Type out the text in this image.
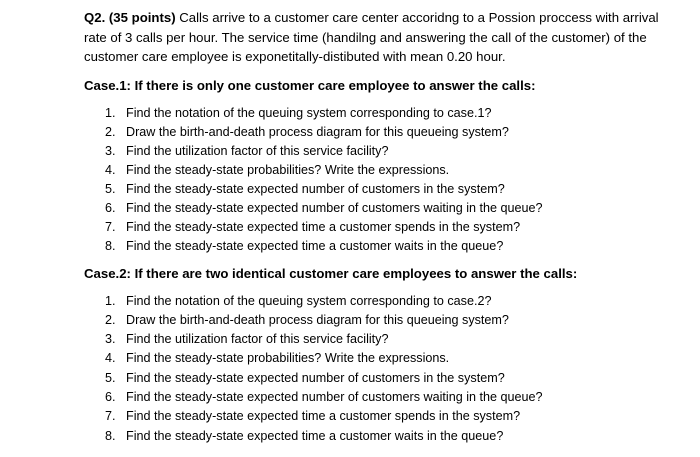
Q2. (35 points) Calls arrive to a customer care center accoridng to a Possion proccess with arrival rate of 3 calls per hour. The service time (handilng and answering the call of the customer) of the customer care employee is exponetitally-distibuted with mean 0.20 hour.

Case.1: If there is only one customer care employee to answer the calls:
1. Find the notation of the queuing system corresponding to case.1?
2. Draw the birth-and-death process diagram for this queueing system?
3. Find the utilization factor of this service facility?
4. Find the steady-state probabilities? Write the expressions.
5. Find the steady-state expected number of customers in the system?
6. Find the steady-state expected number of customers waiting in the queue?
7. Find the steady-state expected time a customer spends in the system?
8. Find the steady-state expected time a customer waits in the queue?
Case.2: If there are two identical customer care employees to answer the calls:
1. Find the notation of the queuing system corresponding to case.2?
2. Draw the birth-and-death process diagram for this queueing system?
3. Find the utilization factor of this service facility?
4. Find the steady-state probabilities? Write the expressions.
5. Find the steady-state expected number of customers in the system?
6. Find the steady-state expected number of customers waiting in the queue?
7. Find the steady-state expected time a customer spends in the system?
8. Find the steady-state expected time a customer waits in the queue?
